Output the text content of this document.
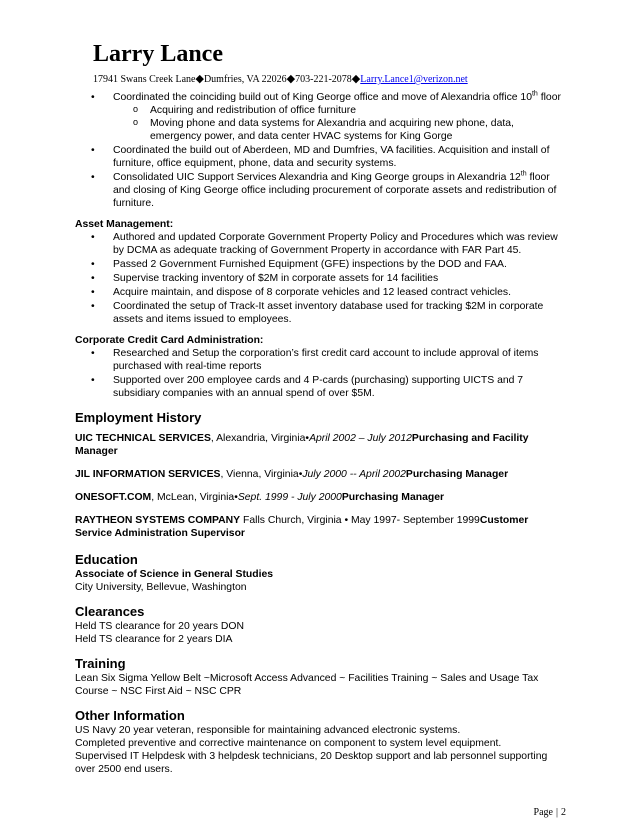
Larry Lance
17941 Swans Creek Lane◆Dumfries, VA 22026◆703-221-2078◆Larry.Lance1@verizon.net
• Coordinated the coinciding build out of King George office and move of Alexandria office 10th floor
o Acquiring and redistribution of office furniture
o Moving phone and data systems for Alexandria and acquiring new phone, data, emergency power, and data center HVAC systems for King Gorge
• Coordinated the build out of Aberdeen, MD and Dumfries, VA facilities. Acquisition and install of furniture, office equipment, phone, data and security systems.
• Consolidated UIC Support Services Alexandria and King George groups in Alexandria 12th floor and closing of King George office including procurement of corporate assets and redistribution of furniture.
Asset Management:
• Authored and updated Corporate Government Property Policy and Procedures which was review by DCMA as adequate tracking of Government Property in accordance with FAR Part 45.
• Passed 2 Government Furnished Equipment (GFE) inspections by the DOD and FAA.
• Supervise tracking inventory of $2M in corporate assets for 14 facilities
• Acquire maintain, and dispose of 8 corporate vehicles and 12 leased contract vehicles.
• Coordinated the setup of Track-It asset inventory database used for tracking $2M in corporate assets and items issued to employees.
Corporate Credit Card Administration:
• Researched and Setup the corporation’s first credit card account to include approval of items purchased with real-time reports
• Supported over 200 employee cards and 4 P-cards (purchasing) supporting UICTS and 7 subsidiary companies with an annual spend of over $5M.
Employment History
UIC TECHNICAL SERVICES, Alexandria, Virginia•April 2002 – July 2012Purchasing and Facility Manager
JIL INFORMATION SERVICES, Vienna, Virginia•July 2000 -- April 2002Purchasing Manager
ONESOFT.COM, McLean, Virginia•Sept. 1999 - July 2000Purchasing Manager
RAYTHEON SYSTEMS COMPANY Falls Church, Virginia • May 1997- September 1999Customer Service Administration Supervisor
Education
Associate of Science in General Studies
City University, Bellevue, Washington
Clearances
Held TS clearance for 20 years DON
Held TS clearance for 2 years DIA
Training
Lean Six Sigma Yellow Belt ~Microsoft Access Advanced ~ Facilities Training ~ Sales and Usage Tax Course ~ NSC First Aid ~ NSC CPR
Other Information
US Navy 20 year veteran, responsible for maintaining advanced electronic systems.
Completed preventive and corrective maintenance on component to system level equipment.
Supervised IT Helpdesk with 3 helpdesk technicians, 20 Desktop support and lab personnel supporting over 2500 end users.
Page | 2
